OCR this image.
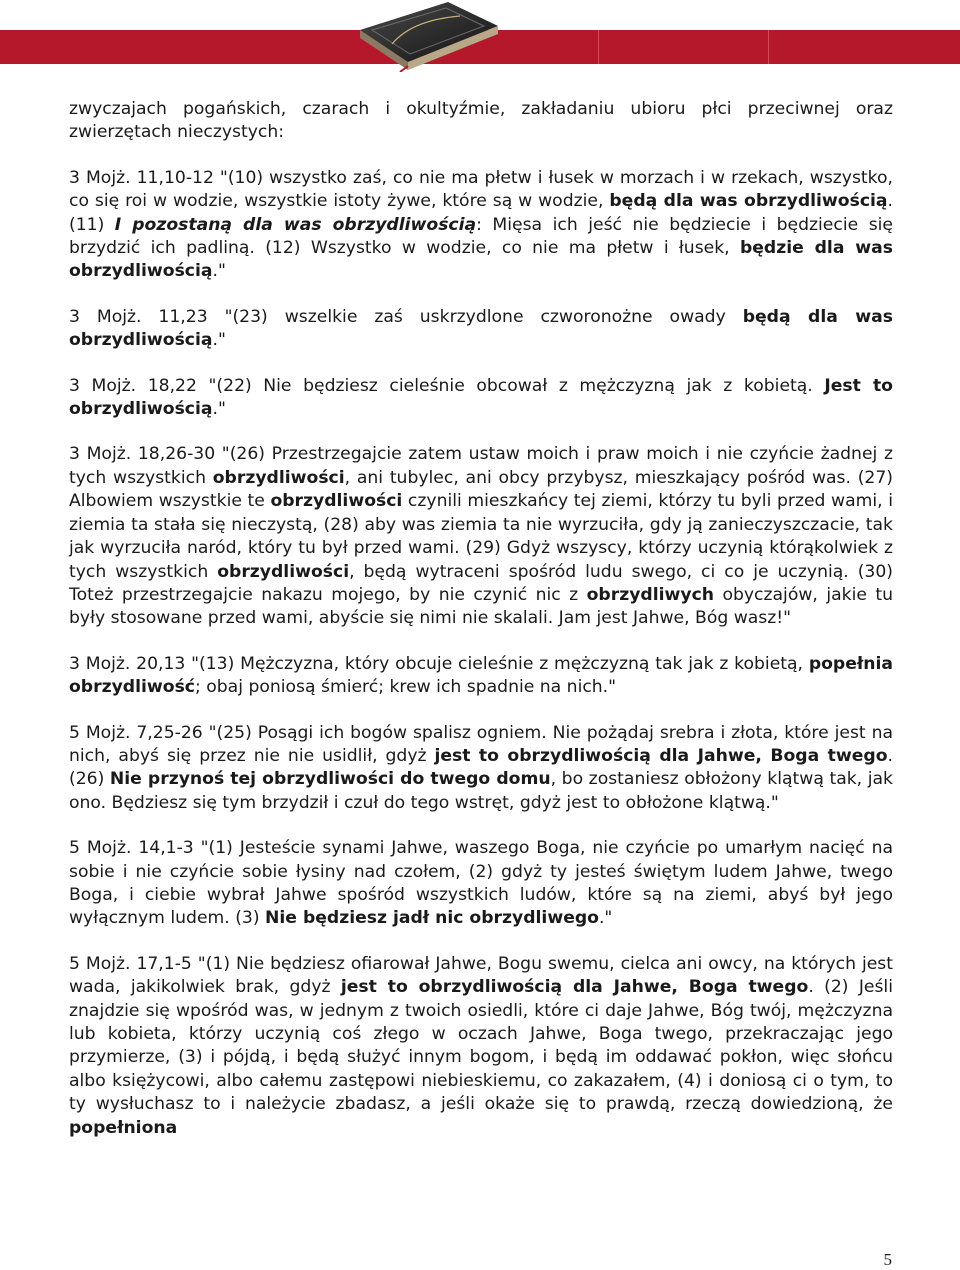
zwyczajach pogańskich, czarach i okultyźmie, zakładaniu ubioru płci przeciwnej oraz zwierzętach nieczystych:

3 Mojż. 11,10-12 "(10) wszystko zaś, co nie ma płetw i łusek w morzach i w rzekach, wszystko, co się roi w wodzie, wszystkie istoty żywe, które są w wodzie, będą dla was obrzydliwością. (11) I pozostaną dla was obrzydliwością: Mięsa ich jeść nie będziecie i będziecie się brzydzić ich padliną. (12) Wszystko w wodzie, co nie ma płetw i łusek, będzie dla was obrzydliwością."

3 Mojż. 11,23 "(23) wszelkie zaś uskrzydlone czworonożne owady będą dla was obrzydliwością."

3 Mojż. 18,22 "(22) Nie będziesz cieleśnie obcował z mężczyzną jak z kobietą. Jest to obrzydliwością."

3 Mojż. 18,26-30 "(26) Przestrzegajcie zatem ustaw moich i praw moich i nie czyńcie żadnej z tych wszystkich obrzydliwości, ani tubylec, ani obcy przybysz, mieszkający pośród was. (27) Albowiem wszystkie te obrzydliwości czynili mieszkańcy tej ziemi, którzy tu byli przed wami, i ziemia ta stała się nieczystą, (28) aby was ziemia ta nie wyrzuciła, gdy ją zanieczyszczacie, tak jak wyrzuciła naród, który tu był przed wami. (29) Gdyż wszyscy, którzy uczynią którąkolwiek z tych wszystkich obrzydliwości, będą wytraceni spośród ludu swego, ci co je uczynią. (30) Toteż przestrzegajcie nakazu mojego, by nie czynić nic z obrzydliwych obyczajów, jakie tu były stosowane przed wami, abyście się nimi nie skalali. Jam jest Jahwe, Bóg wasz!"

3 Mojż. 20,13 "(13) Mężczyzna, który obcuje cieleśnie z mężczyzną tak jak z kobietą, popełnia obrzydliwość; obaj poniosą śmierć; krew ich spadnie na nich."

5 Mojż. 7,25-26 "(25) Posągi ich bogów spalisz ogniem. Nie pożądaj srebra i złota, które jest na nich, abyś się przez nie nie usidlił, gdyż jest to obrzydliwością dla Jahwe, Boga twego. (26) Nie przynoś tej obrzydliwości do twego domu, bo zostaniesz obłożony klątwą tak, jak ono. Będziesz się tym brzydził i czuł do tego wstręt, gdyż jest to obłożone klątwą."

5 Mojż. 14,1-3 "(1) Jesteście synami Jahwe, waszego Boga, nie czyńcie po umarłym nacięć na sobie i nie czyńcie sobie łysiny nad czołem, (2) gdyż ty jesteś świętym ludem Jahwe, twego Boga, i ciebie wybrał Jahwe spośród wszystkich ludów, które są na ziemi, abyś był jego wyłącznym ludem. (3) Nie będziesz jadł nic obrzydliwego."

5 Mojż. 17,1-5 "(1) Nie będziesz ofiarował Jahwe, Bogu swemu, cielca ani owcy, na których jest wada, jakikolwiek brak, gdyż jest to obrzydliwością dla Jahwe, Boga twego. (2) Jeśli znajdzie się wpośród was, w jednym z twoich osiedli, które ci daje Jahwe, Bóg twój, mężczyzna lub kobieta, którzy uczynią coś złego w oczach Jahwe, Boga twego, przekraczając jego przymierze, (3) i pójdą, i będą służyć innym bogom, i będą im oddawać pokłon, więc słońcu albo księżycowi, albo całemu zastępowi niebieskiemu, co zakazałem, (4) i doniosą ci o tym, to ty wysłuchasz to i należycie zbadasz, a jeśli okaże się to prawdą, rzeczą dowiedzioną, że popełniona

5
